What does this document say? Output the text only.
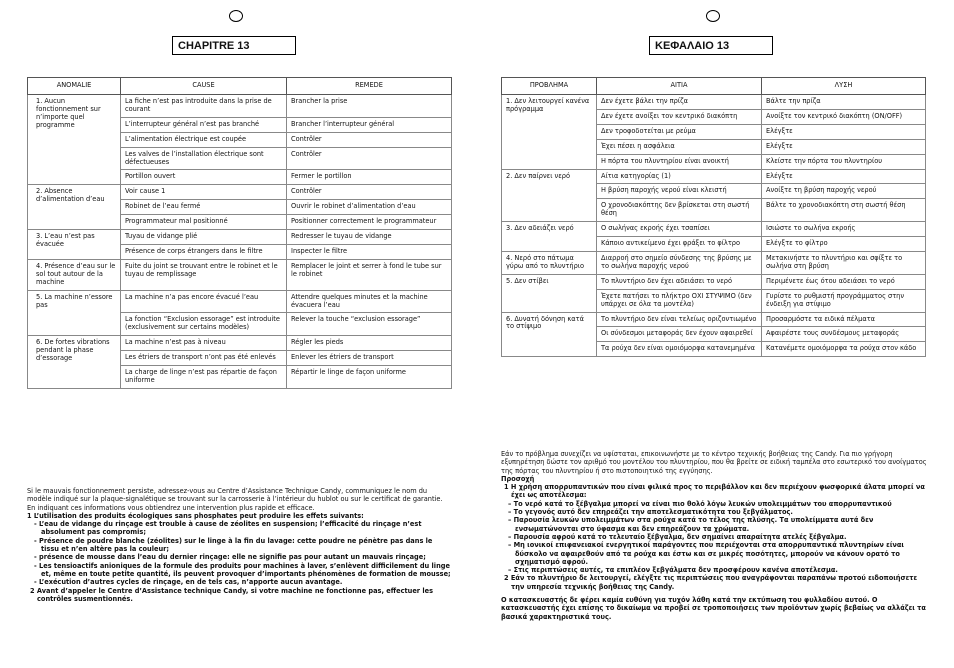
CHAPITRE 13
ANOMALIE	CAUSE	REMEDE
1. Aucun fonctionnement sur n’importe quel programme	La fiche n’est pas introduite dans la prise de courant	Brancher la prise
	L’interrupteur général n’est pas branché	Brancher l’interrupteur général
	L’alimentation électrique est coupée	Contrôler
	Les valves de l’installation électrique sont défectueuses	Contrôler
	Portillon ouvert	Fermer le portillon
2. Absence d’alimentation d’eau	Voir cause 1	Contrôler
	Robinet de l’eau fermé	Ouvrir le robinet d’alimentation d’eau
	Programmateur mal positionné	Positionner correctement le programmateur
3. L’eau n’est pas évacuée	Tuyau de vidange plié	Redresser le tuyau de vidange
	Présence de corps étrangers dans le filtre	Inspecter le filtre
4. Présence d’eau sur le sol tout autour de la machine	Fuite du joint se trouvant entre le robinet et le tuyau de remplissage	Remplacer le joint et serrer à fond le tube sur le robinet
5. La machine n’essore pas	La machine n’a pas encore évacué l’eau	Attendre quelques minutes et la machine évacuera l’eau
	La fonction “Exclusion essorage” est introduite (exclusivement sur certains modèles)	Relever la touche “exclusion essorage”
6. De fortes vibrations pendant la phase d’essorage	La machine n’est pas à niveau	Régler les pieds
	Les étriers de transport n’ont pas été enlevés	Enlever les étriers de transport
	La charge de linge n’est pas répartie de façon uniforme	Répartir le linge de façon uniforme

Si le mauvais fonctionnement persiste, adressez-vous au Centre d’Assistance Technique Candy, communiquez le nom du modèle indiqué sur la plaque-signalétique se trouvant sur la carrosserie à l’intérieur du hublot ou sur le certificat de garantie.

En indiquant ces informations vous obtiendrez une intervention plus rapide et efficace.

1 L’utilisation des produits écologiques sans phosphates peut produire les effets suivants:

- L’eau de vidange du rinçage est trouble à cause de zéolites en suspension; l’efficacité du rinçage n’est absolument pas compromis;

- Présence de poudre blanche (zéolites) sur le linge à la fin du lavage: cette poudre ne pénètre pas dans le tissu et n’en altère pas la couleur;

- présence de mousse dans l’eau du dernier rinçage: elle ne signifie pas pour autant un mauvais rinçage;

- Les tensioactifs anioniques de la formule des produits pour machines à laver, s’enlèvent difficilement du linge et, même en toute petite quantité, ils peuvent provoquer d’importants phénomènes de formation de mousse;

- L’exécution d’autres cycles de rinçage, en de tels cas, n’apporte aucun avantage.

2 Avant d’appeler le Centre d’Assistance technique Candy, si votre machine ne fonctionne pas, effectuer les contrôles susmentionnés.

ΚΕΦΑΛΑΙΟ 13
ΠΡΟΒΛΗΜΑ	ΑΙΤΙΑ	ΛΥΣΗ
1. Δεν λειτουργεί κανένα πρόγραμμα	Δεν έχετε βάλει την πρίζα	Βάλτε την πρίζα
	Δεν έχετε ανοίξει τον κεντρικό διακόπτη	Ανοίξτε τον κεντρικό διακόπτη (ON/OFF)
	Δεν τροφοδοτείται με ρεύμα	Ελέγξτε
	Έχει πέσει η ασφάλεια	Ελέγξτε
	Η πόρτα του πλυντηρίου είναι ανοικτή	Κλείστε την πόρτα του πλυντηρίου
2. Δεν παίρνει νερό	Αίτια κατηγορίας (1)	Ελέγξτε
	Η βρύση παροχής νερού είναι κλειστή	Ανοίξτε τη βρύση παροχής νερού
	Ο χρονοδιακόπτης δεν βρίσκεται στη σωστή θέση	Βάλτε το χρονοδιακόπτη στη σωστή θέση
3. Δεν αδειάζει νερό	Ο σωλήνας εκροής έχει τσαπίσει	Ισιώστε το σωλήνα εκροής
	Κάποιο αντικείμενο έχει φράξει το φίλτρο	Ελέγξτε το φίλτρο
4. Νερό στο πάτωμα γύρω από το πλυντήριο	Διαρροή στο σημείο σύνδεσης της βρύσης με το σωλήνα παροχής νερού	Μετακινήστε το πλυντήριο και σφίξτε το σωλήνα στη βρύση
5. Δεν στίβει	Το πλυντήριο δεν έχει αδειάσει το νερό	Περιμένετε έως ότου αδειάσει το νερό
	Έχετε πατήσει το πλήκτρο ΟΧΙ ΣΤΥΨΙΜΟ (δεν υπάρχει σε όλα τα μοντέλα)	Γυρίστε το ρυθμιστή προγράμματος στην ένδειξη για στίψιμο
6. Δυνατή δόνηση κατά το στίψιμο	Το πλυντήριο δεν είναι τελείως οριζοντιωμένο	Προσαρμόστε τα ειδικά πέλματα
	Οι σύνδεσμοι μεταφοράς δεν έχουν αφαιρεθεί	Αφαιρέστε τους συνδέσμους μεταφοράς
	Τα ρούχα δεν είναι ομοιόμορφα κατανεμημένα	Κατανέμετε ομοιόμορφα τα ρούχα στον κάδο

Εάν το πρόβλημα συνεχίζει να υφίσταται, επικοινωνήστε με το κέντρο τεχνικής βοήθειας της Candy. Για πιο γρήγορη εξυπηρέτηση δώστε τον αριθμό του μοντέλου του πλυντηρίου, που θα βρείτε σε ειδική ταμπέλα στο εσωτερικό του ανοίγματος της πόρτας του πλυντηρίου ή στο πιστοποιητικό της εγγύησης.

Προσοχή

1 Η χρήση απορρυπαντικών που είναι φιλικά προς το περιβάλλον και δεν περιέχουν φωσφορικά άλατα μπορεί να έχει ως αποτέλεσμα:

– Το νερό κατά το ξέβγαλμα μπορεί να είναι πιο θολό λόγω λευκών υπολειμμάτων του απορρυπαντικού

– Το γεγονός αυτό δεν επηρεάζει την αποτελεσματικότητα του ξεβγάλματος.

– Παρουσία λευκών υπολειμμάτων στα ρούχα κατά το τέλος της πλύσης. Τα υπολείμματα αυτά δεν ενσωματώνονται στο ύφασμα και δεν επηρεάζουν τα χρώματα.

– Παρουσία αφρού κατά το τελευταίο ξέβγαλμα, δεν σημαίνει απαραίτητα ατελές ξέβγαλμα.

– Μη ιονικοί επιφανειακοί ενεργητικοί παράγοντες που περιέχονται στα απορρυπαντικά πλυντηρίων είναι δύσκολο να αφαιρεθούν από τα ρούχα και έστω και σε μικρές ποσότητες, μπορούν να κάνουν ορατό το σχηματισμό αφρού.

– Στις περιπτώσεις αυτές, τα επιπλέον ξεβγάλματα δεν προσφέρουν κανένα αποτέλεσμα.

2 Εάν το πλυντήριο δε λειτουργεί, ελέγξτε τις περιπτώσεις που αναγράφονται παραπάνω προτού ειδοποιήσετε την υπηρεσία τεχνικής βοήθειας της Candy.

Ο κατασκευαστής δε φέρει καμία ευθύνη για τυχόν λάθη κατά την εκτύπωση του φυλλαδίου αυτού. Ο κατασκευαστής έχει επίσης το δικαίωμα να προβεί σε τροποποιήσεις των προϊόντων χωρίς βεβαίως να αλλάζει τα βασικά χαρακτηριστικά τους.
